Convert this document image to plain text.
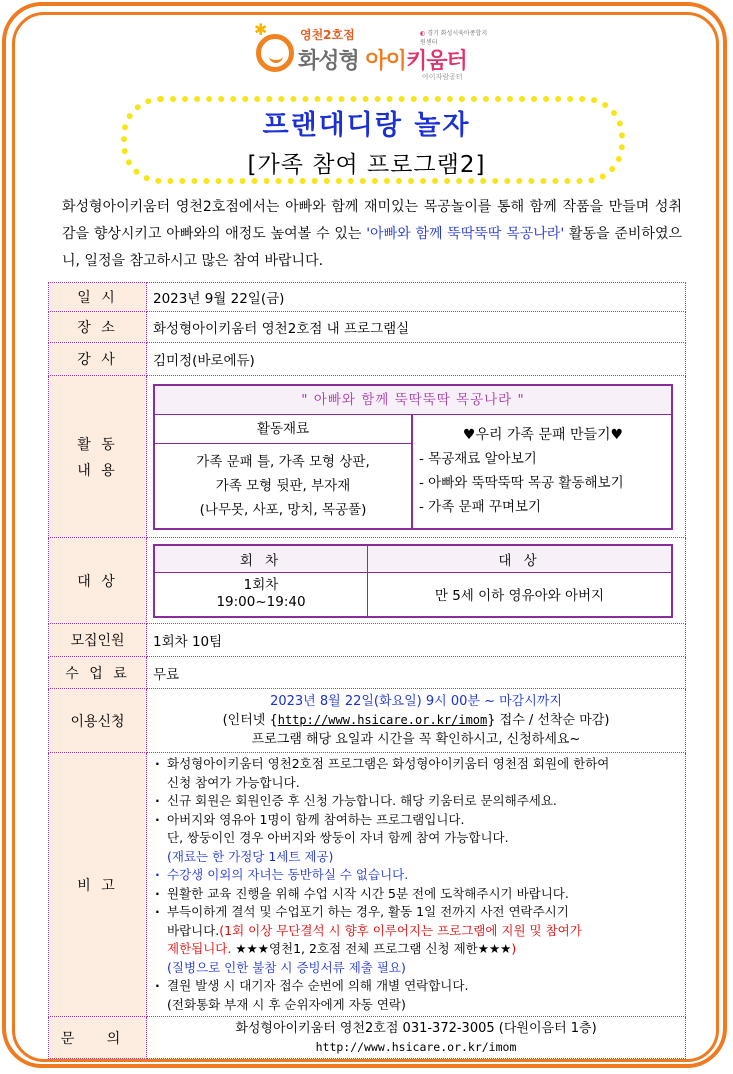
✱	영천2호점
◐	경기 화성시육아종합지원센터
화성형 아이키움터
아이자람공터
프랜대디랑 놀자
[가족 참여 프로그램2]
화성형아이키움터 영천2호점에서는 아빠와 함께 재미있는 목공놀이를 통해 함께 작품을 만들며 성취감을 향상시키고 아빠와의 애정도 높여볼 수 있는 '아빠와 함께 뚝딱뚝딱 목공나라' 활동을 준비하였으니, 일정을 참고하시고 많은 참여 바랍니다.
일 시	2023년 9월 22일(금)
장 소	화성형아이키움터 영천2호점 내 프로그램실
강 사	김미정(바로에듀)

활 동
내 용

" 아빠와 함께 뚝딱뚝딱 목공나라 "
활동재료
가족 문패 틀, 가족 모형 상판,
가족 모형 뒷판, 부자재
(나무못, 사포, 망치, 목공풀)
♥우리 가족 문패 만들기♥
- 목공재료 알아보기
- 아빠와 뚝딱뚝딱 목공 활동해보기
- 가족 문패 꾸며보기

대 상	
회 차	대 상

1회차
19:00~19:40	만 5세 이하 영유아와 아버지

모집인원	1회차 10팀
수 업 료	무료
이용신청	
2023년 8월 22일(화요일) 9시 00분 ~ 마감시까지
(인터넷 {http://www.hsicare.or.kr/imom} 접수 / 선착순 마감)
프로그램 해당 요일과 시간을 꼭 확인하시고, 신청하세요~

비 고	
· 화성형아이키움터 영천2호점 프로그램은 화성형아이키움터 영천점 회원에 한하여
신청 참여가 가능합니다.
· 신규 회원은 회원인증 후 신청 가능합니다. 해당 키움터로 문의해주세요.
· 아버지와 영유아 1명이 함께 참여하는 프로그램입니다.
단, 쌍둥이인 경우 아버지와 쌍둥이 자녀 함께 참여 가능합니다.
(재료는 한 가정당 1세트 제공)
· 수강생 이외의 자녀는 동반하실 수 없습니다.
· 원활한 교육 진행을 위해 수업 시작 시간 5분 전에 도착해주시기 바랍니다.
· 부득이하게 결석 및 수업포기 하는 경우, 활동 1일 전까지 사전 연락주시기
바랍니다.(1회 이상 무단결석 시 향후 이루어지는 프로그램에 지원 및 참여가
제한됩니다. ★★★영천1, 2호점 전체 프로그램 신청 제한★★★)
(질병으로 인한 불참 시 증빙서류 제출 필요)
· 결원 발생 시 대기자 접수 순번에 의해 개별 연락합니다.
(전화통화 부재 시 후 순위자에게 자동 연락)

문 의	
화성형아이키움터 영천2호점 031-372-3005 (다원이음터 1층)
http://www.hsicare.or.kr/imom
